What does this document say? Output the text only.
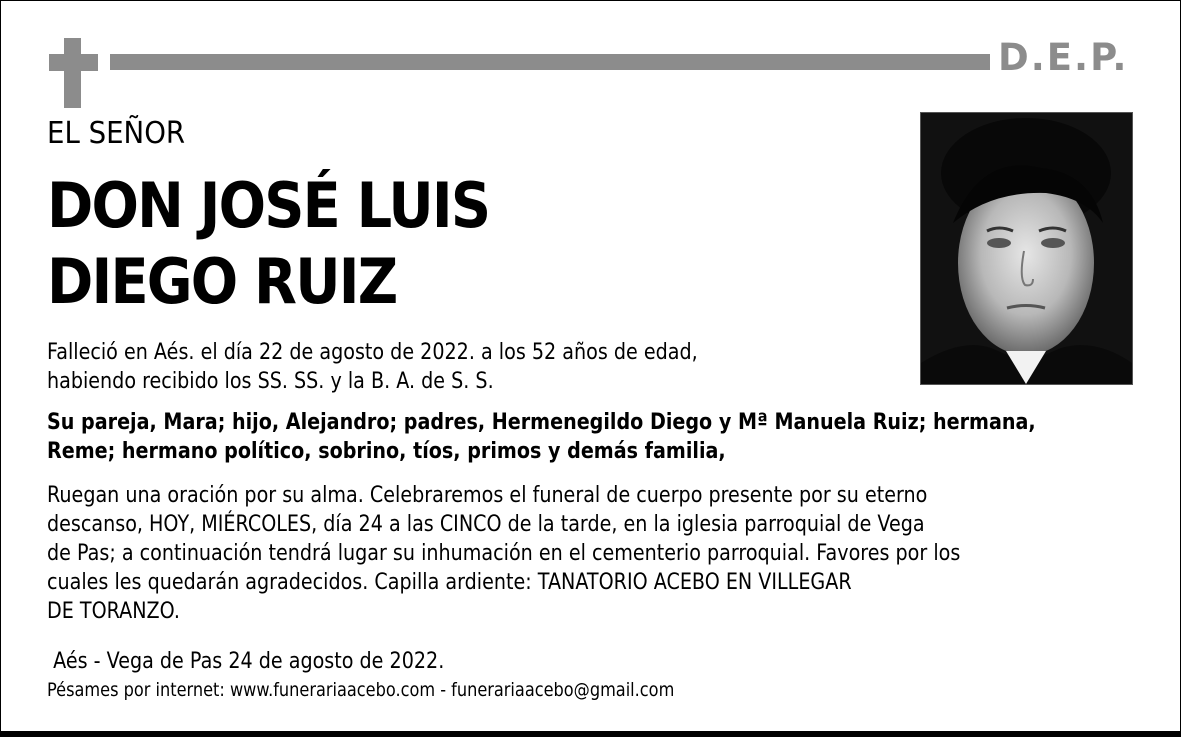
D.E.P.
EL SEÑOR
DON JOSÉ LUIS
DIEGO RUIZ
Falleció en Aés. el día 22 de agosto de 2022. a los 52 años de edad,
habiendo recibido los SS. SS. y la B. A. de S. S.
Su pareja, Mara; hijo, Alejandro; padres, Hermenegildo Diego y Mª Manuela Ruiz; hermana,
Reme; hermano político, sobrino, tíos, primos y demás familia,
Ruegan una oración por su alma. Celebraremos el funeral de cuerpo presente por su eterno
descanso, HOY, MIÉRCOLES, día 24 a las CINCO de la tarde, en la iglesia parroquial de Vega
de Pas; a continuación tendrá lugar su inhumación en el cementerio parroquial. Favores por los
cuales les quedarán agradecidos. Capilla ardiente: TANATORIO ACEBO EN VILLEGAR
DE TORANZO.
Aés - Vega de Pas 24 de agosto de 2022.
Pésames por internet: www.funerariaacebo.com - funerariaacebo@gmail.com
